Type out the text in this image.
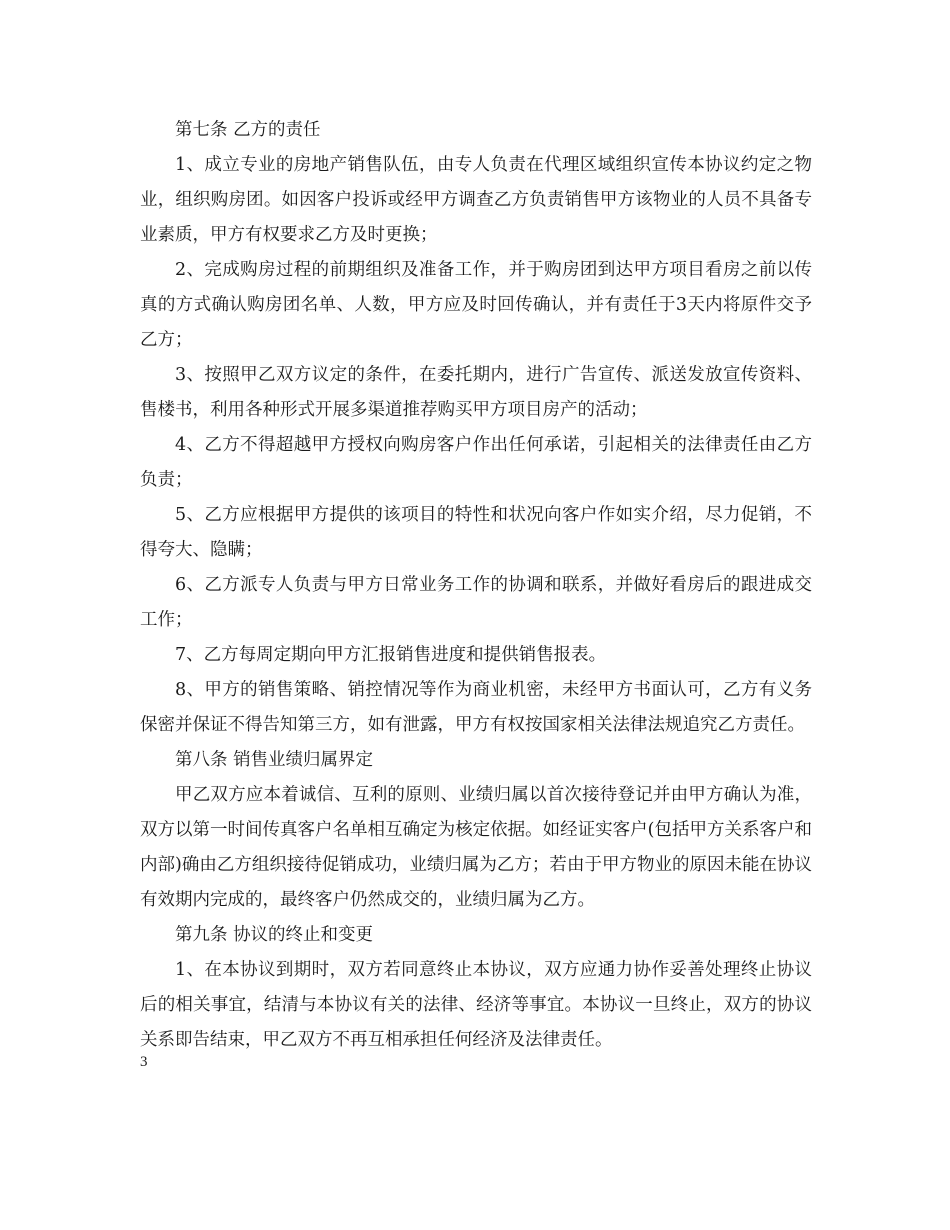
第七条 乙方的责任

1、成立专业的房地产销售队伍，由专人负责在代理区域组织宣传本协议约定之物业，组织购房团。如因客户投诉或经甲方调查乙方负责销售甲方该物业的人员不具备专业素质，甲方有权要求乙方及时更换；

2、完成购房过程的前期组织及准备工作，并于购房团到达甲方项目看房之前以传真的方式确认购房团名单、人数，甲方应及时回传确认，并有责任于3天内将原件交予乙方；

3、按照甲乙双方议定的条件，在委托期内，进行广告宣传、派送发放宣传资料、售楼书，利用各种形式开展多渠道推荐购买甲方项目房产的活动；

4、乙方不得超越甲方授权向购房客户作出任何承诺，引起相关的法律责任由乙方负责；

5、乙方应根据甲方提供的该项目的特性和状况向客户作如实介绍，尽力促销，不得夸大、隐瞒；

6、乙方派专人负责与甲方日常业务工作的协调和联系，并做好看房后的跟进成交工作；

7、乙方每周定期向甲方汇报销售进度和提供销售报表。

8、甲方的销售策略、销控情况等作为商业机密，未经甲方书面认可，乙方有义务保密并保证不得告知第三方，如有泄露，甲方有权按国家相关法律法规追究乙方责任。

第八条 销售业绩归属界定

甲乙双方应本着诚信、互利的原则、业绩归属以首次接待登记并由甲方确认为准，双方以第一时间传真客户名单相互确定为核定依据。如经证实客户(包括甲方关系客户和内部)确由乙方组织接待促销成功，业绩归属为乙方；若由于甲方物业的原因未能在协议有效期内完成的，最终客户仍然成交的，业绩归属为乙方。

第九条 协议的终止和变更

1、在本协议到期时，双方若同意终止本协议，双方应通力协作妥善处理终止协议后的相关事宜，结清与本协议有关的法律、经济等事宜。本协议一旦终止，双方的协议关系即告结束，甲乙双方不再互相承担任何经济及法律责任。

3
